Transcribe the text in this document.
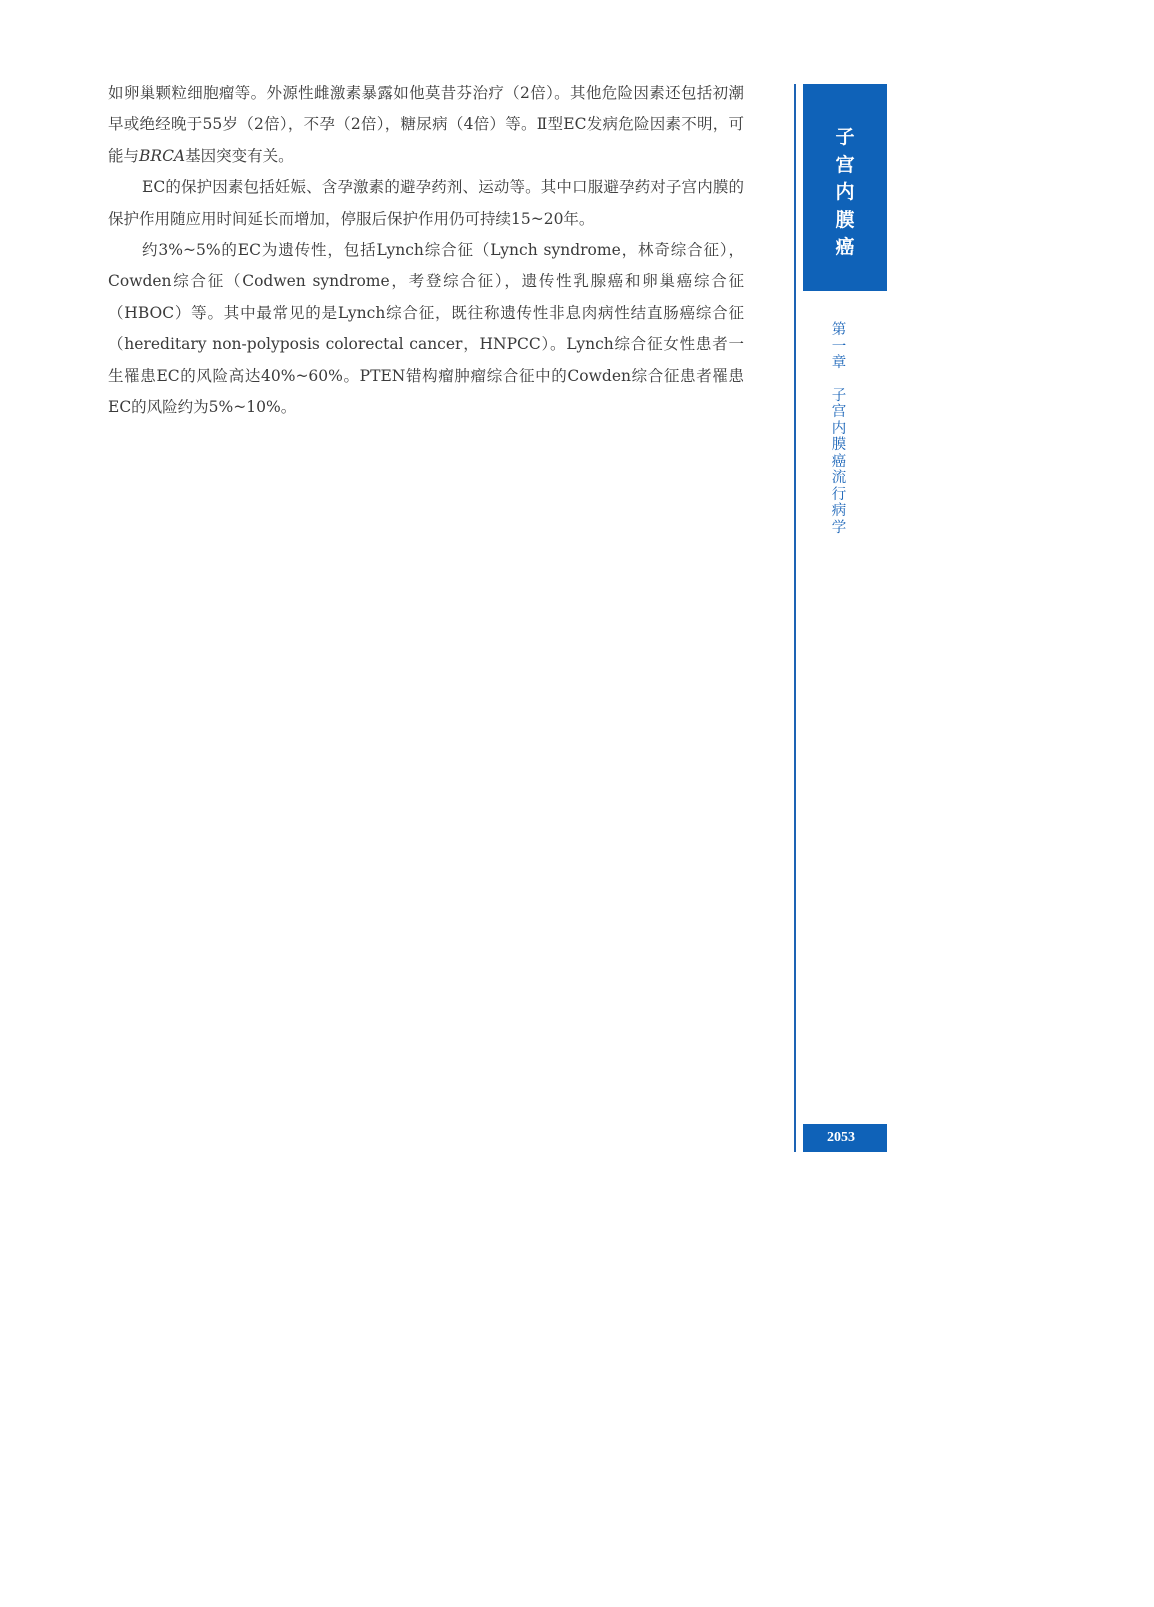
如卵巢颗粒细胞瘤等。外源性雌激素暴露如他莫昔芬治疗（2倍）。其他危险因素还包括初潮早或绝经晚于55岁（2倍），不孕（2倍），糖尿病（4倍）等。Ⅱ型EC发病危险因素不明，可能与BRCA基因突变有关。

EC的保护因素包括妊娠、含孕激素的避孕药剂、运动等。其中口服避孕药对子宫内膜的保护作用随应用时间延长而增加，停服后保护作用仍可持续15~20年。

约3%~5%的EC为遗传性，包括Lynch综合征（Lynch syndrome，林奇综合征），Cowden综合征（Codwen syndrome，考登综合征），遗传性乳腺癌和卵巢癌综合征（HBOC）等。其中最常见的是Lynch综合征，既往称遗传性非息肉病性结直肠癌综合征（hereditary non-polyposis colorectal cancer，HNPCC）。Lynch综合征女性患者一生罹患EC的风险高达40%~60%。PTEN错构瘤肿瘤综合征中的Cowden综合征患者罹患EC的风险约为5%~10%。

子
宫
内
膜
癌
第
一
章
子
宫
内
膜
癌
流
行
病
学
2053
